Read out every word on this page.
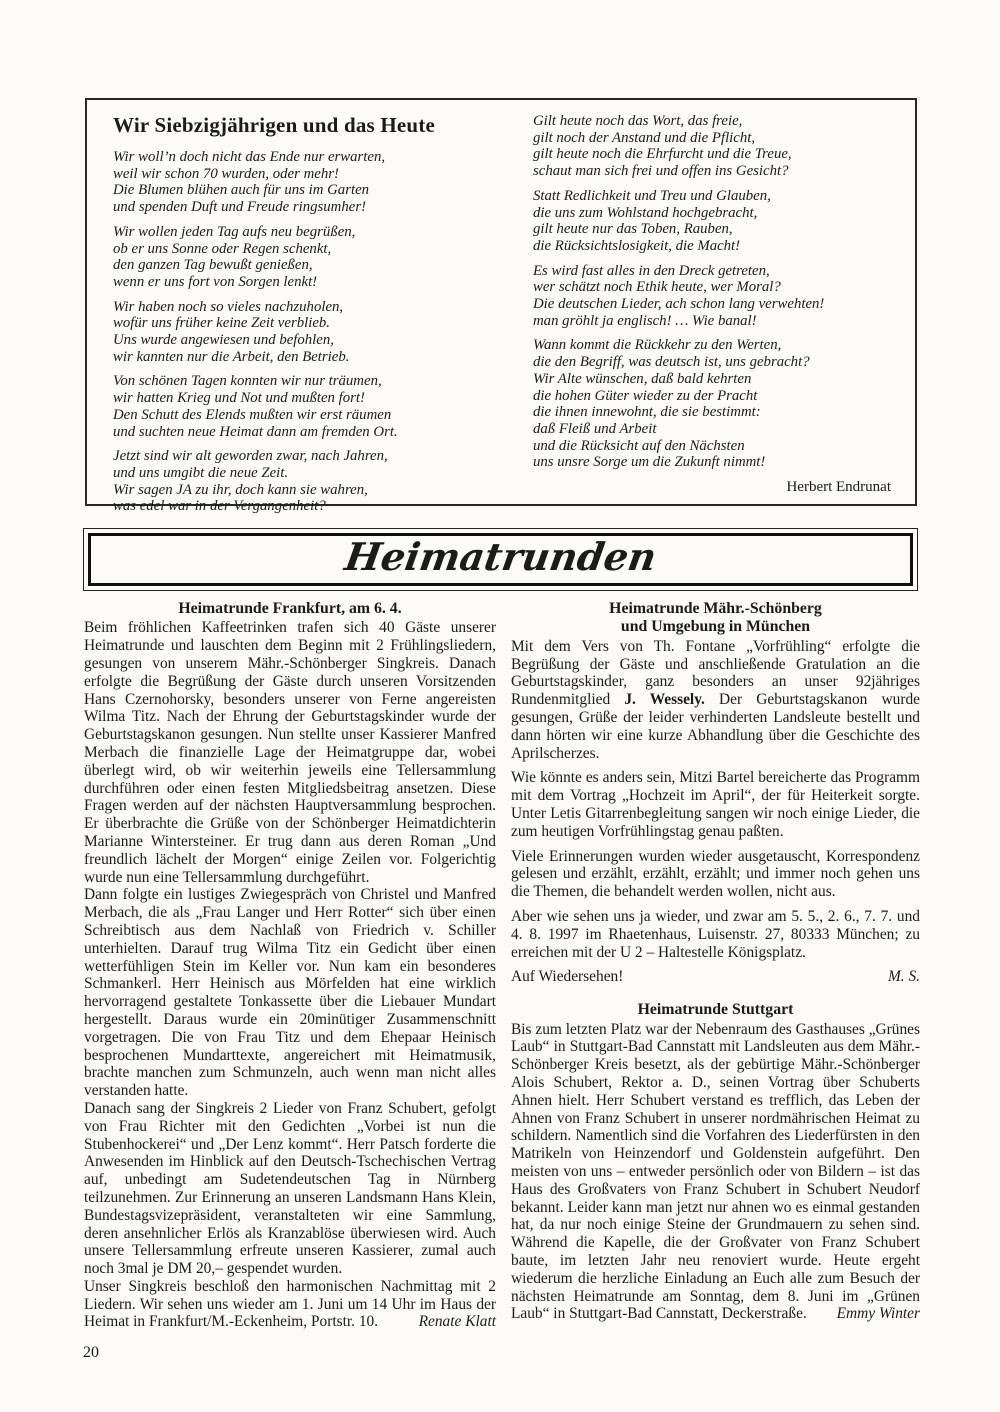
Wir Siebzigjährigen und das Heute
Wir woll’n doch nicht das Ende nur erwarten,
weil wir schon 70 wurden, oder mehr!
Die Blumen blühen auch für uns im Garten
und spenden Duft und Freude ringsumher!
Wir wollen jeden Tag aufs neu begrüßen,
ob er uns Sonne oder Regen schenkt,
den ganzen Tag bewußt genießen,
wenn er uns fort von Sorgen lenkt!
Wir haben noch so vieles nachzuholen,
wofür uns früher keine Zeit verblieb.
Uns wurde angewiesen und befohlen,
wir kannten nur die Arbeit, den Betrieb.
Von schönen Tagen konnten wir nur träumen,
wir hatten Krieg und Not und mußten fort!
Den Schutt des Elends mußten wir erst räumen
und suchten neue Heimat dann am fremden Ort.
Jetzt sind wir alt geworden zwar, nach Jahren,
und uns umgibt die neue Zeit.
Wir sagen JA zu ihr, doch kann sie wahren,
was edel war in der Vergangenheit?
Gilt heute noch das Wort, das freie,
gilt noch der Anstand und die Pflicht,
gilt heute noch die Ehrfurcht und die Treue,
schaut man sich frei und offen ins Gesicht?
Statt Redlichkeit und Treu und Glauben,
die uns zum Wohlstand hochgebracht,
gilt heute nur das Toben, Rauben,
die Rücksichtslosigkeit, die Macht!
Es wird fast alles in den Dreck getreten,
wer schätzt noch Ethik heute, wer Moral?
Die deutschen Lieder, ach schon lang verwehten!
man gröhlt ja englisch! … Wie banal!
Wann kommt die Rückkehr zu den Werten,
die den Begriff, was deutsch ist, uns gebracht?
Wir Alte wünschen, daß bald kehrten
die hohen Güter wieder zu der Pracht
die ihnen innewohnt, die sie bestimmt:
daß Fleiß und Arbeit
und die Rücksicht auf den Nächsten
uns unsre Sorge um die Zukunft nimmt!
Herbert Endrunat
Heimatrunden
Heimatrunde Frankfurt, am 6. 4.

Beim fröhlichen Kaffeetrinken trafen sich 40 Gäste unserer Heimatrunde und lauschten dem Beginn mit 2 Frühlingsliedern, gesungen von unserem Mähr.-Schönberger Singkreis. Danach erfolgte die Begrüßung der Gäste durch unseren Vorsitzenden Hans Czernohorsky, besonders unserer von Ferne angereisten Wilma Titz. Nach der Ehrung der Geburtstagskinder wurde der Geburtstagskanon gesungen. Nun stellte unser Kassierer Manfred Merbach die finanzielle Lage der Heimatgruppe dar, wobei überlegt wird, ob wir weiterhin jeweils eine Tellersammlung durchführen oder einen festen Mitgliedsbeitrag ansetzen. Diese Fragen werden auf der nächsten Hauptversammlung besprochen. Er überbrachte die Grüße von der Schönberger Heimatdichterin Marianne Wintersteiner. Er trug dann aus deren Roman „Und freundlich lächelt der Morgen“ einige Zeilen vor. Folgerichtig wurde nun eine Tellersammlung durchgeführt.

Dann folgte ein lustiges Zwiegespräch von Christel und Manfred Merbach, die als „Frau Langer und Herr Rotter“ sich über einen Schreibtisch aus dem Nachlaß von Friedrich v. Schiller unterhielten. Darauf trug Wilma Titz ein Gedicht über einen wetterfühligen Stein im Keller vor. Nun kam ein besonderes Schmankerl. Herr Heinisch aus Mörfelden hat eine wirklich hervorragend gestaltete Tonkassette über die Liebauer Mundart hergestellt. Daraus wurde ein 20minütiger Zusammenschnitt vorgetragen. Die von Frau Titz und dem Ehepaar Heinisch besprochenen Mundarttexte, angereichert mit Heimatmusik, brachte manchen zum Schmunzeln, auch wenn man nicht alles verstanden hatte.

Danach sang der Singkreis 2 Lieder von Franz Schubert, gefolgt von Frau Richter mit den Gedichten „Vorbei ist nun die Stubenhockerei“ und „Der Lenz kommt“. Herr Patsch forderte die Anwesenden im Hinblick auf den Deutsch-Tschechischen Vertrag auf, unbedingt am Sudetendeutschen Tag in Nürnberg teilzunehmen. Zur Erinnerung an unseren Landsmann Hans Klein, Bundestagsvizepräsident, veranstalteten wir eine Sammlung, deren ansehnlicher Erlös als Kranzablöse überwiesen wird. Auch unsere Tellersammlung erfreute unseren Kassierer, zumal auch noch 3mal je DM 20,– gespendet wurden.

Unser Singkreis beschloß den harmonischen Nachmittag mit 2 Liedern. Wir sehen uns wieder am 1. Juni um 14 Uhr im Haus der Heimat in Frankfurt/M.-Eckenheim, Portstr. 10.	Renate Klatt

Heimatrunde Mähr.-Schönberg
und Umgebung in München

Mit dem Vers von Th. Fontane „Vorfrühling“ erfolgte die Begrüßung der Gäste und anschließende Gratulation an die Geburtstagskinder, ganz besonders an unser 92jähriges Rundenmitglied J. Wessely. Der Geburtstagskanon wurde gesungen, Grüße der leider verhinderten Landsleute bestellt und dann hörten wir eine kurze Abhandlung über die Geschichte des Aprilscherzes.

Wie könnte es anders sein, Mitzi Bartel bereicherte das Programm mit dem Vortrag „Hochzeit im April“, der für Heiterkeit sorgte. Unter Letis Gitarrenbegleitung sangen wir noch einige Lieder, die zum heutigen Vorfrühlingstag genau paßten.

Viele Erinnerungen wurden wieder ausgetauscht, Korrespondenz gelesen und erzählt, erzählt, erzählt; und immer noch gehen uns die Themen, die behandelt werden wollen, nicht aus.

Aber wie sehen uns ja wieder, und zwar am 5. 5., 2. 6., 7. 7. und 4. 8. 1997 im Rhaetenhaus, Luisenstr. 27, 80333 München; zu erreichen mit der U 2 – Haltestelle Königsplatz.

Auf Wiedersehen!	M. S.

Heimatrunde Stuttgart

Bis zum letzten Platz war der Nebenraum des Gasthauses „Grünes Laub“ in Stuttgart-Bad Cannstatt mit Landsleuten aus dem Mähr.-Schönberger Kreis besetzt, als der gebürtige Mähr.-Schönberger Alois Schubert, Rektor a. D., seinen Vortrag über Schuberts Ahnen hielt. Herr Schubert verstand es trefflich, das Leben der Ahnen von Franz Schubert in unserer nordmährischen Heimat zu schildern. Namentlich sind die Vorfahren des Liederfürsten in den Matrikeln von Heinzendorf und Goldenstein aufgeführt. Den meisten von uns – entweder persönlich oder von Bildern – ist das Haus des Großvaters von Franz Schubert in Schubert Neudorf bekannt. Leider kann man jetzt nur ahnen wo es einmal gestanden hat, da nur noch einige Steine der Grundmauern zu sehen sind. Während die Kapelle, die der Großvater von Franz Schubert baute, im letzten Jahr neu renoviert wurde. Heute ergeht wiederum die herzliche Einladung an Euch alle zum Besuch der nächsten Heimatrunde am Sonntag, dem 8. Juni im „Grünen Laub“ in Stuttgart-Bad Cannstatt, Deckerstraße.	Emmy Winter

20
